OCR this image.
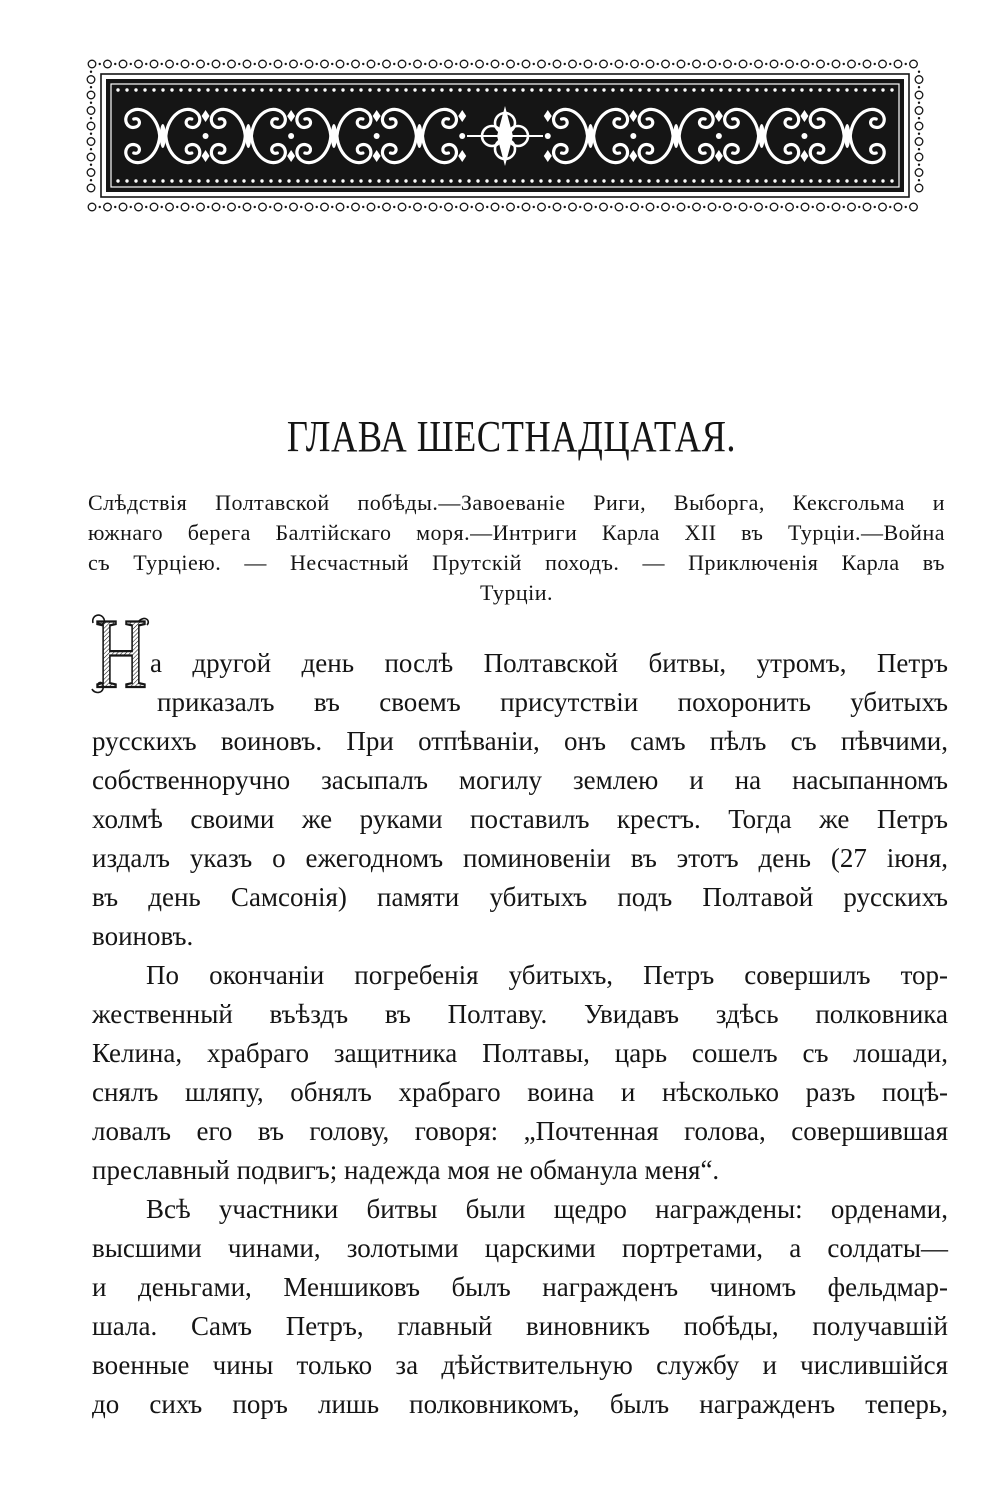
ГЛАВА ШЕСТНАДЦАТАЯ.
Слѣдствія Полтавской побѣды.—Завоеваніе Риги, Выборга, Кексгольма и
южнаго берега Балтійскаго моря.—Интриги Карла XII въ Турціи.—Война
съ Турціею. — Несчастный Прутскій походъ. — Приключенія Карла въ
Турціи.
Н а другой день послѣ Полтавской битвы, утромъ, Петръ
приказалъ въ своемъ присутствіи похоронить убитыхъ
русскихъ воиновъ. При отпѣваніи, онъ самъ пѣлъ съ пѣвчими,
собственноручно засыпалъ могилу землею и на насыпанномъ
холмѣ своими же руками поставилъ крестъ. Тогда же Петръ
издалъ указъ о ежегодномъ поминовеніи въ этотъ день (27 іюня,
въ день Самсонія) памяти убитыхъ подъ Полтавой русскихъ
воиновъ.
По окончаніи погребенія убитыхъ, Петръ совершилъ тор-
жественный въѣздъ въ Полтаву. Увидавъ здѣсь полковника
Келина, храбраго защитника Полтавы, царь сошелъ съ лошади,
снялъ шляпу, обнялъ храбраго воина и нѣсколько разъ поцѣ-
ловалъ его въ голову, говоря: „Почтенная голова, совершившая
преславный подвигъ; надежда моя не обманула меня“.
Всѣ участники битвы были щедро награждены: орденами,
высшими чинами, золотыми царскими портретами, а солдаты—
и деньгами, Меншиковъ былъ награжденъ чиномъ фельдмар-
шала. Самъ Петръ, главный виновникъ побѣды, получавшій
военные чины только за дѣйствительную службу и числившійся
до сихъ поръ лишь полковникомъ, былъ награжденъ теперь,
